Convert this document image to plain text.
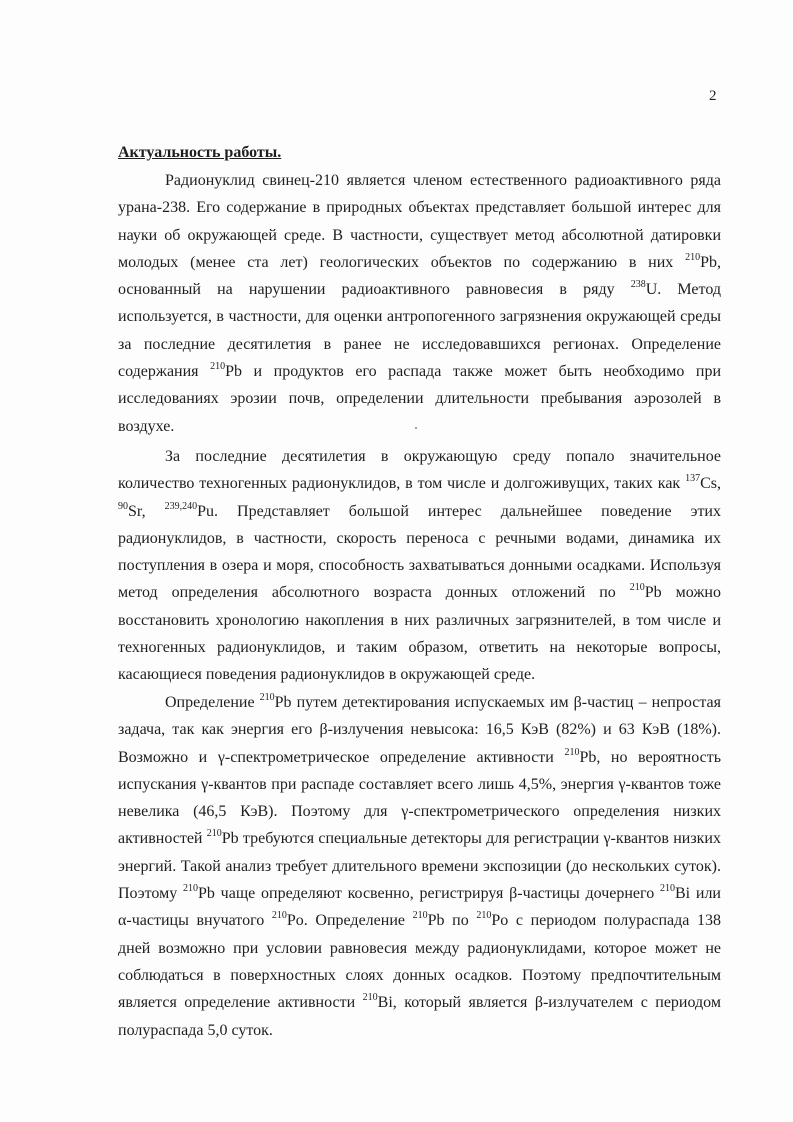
2
Актуальность работы.

Радионуклид свинец-210 является членом естественного радиоактивного ряда урана-238. Его содержание в природных объектах представляет большой интерес для науки об окружающей среде. В частности, существует метод абсолютной датировки молодых (менее ста лет) геологических объектов по содержанию в них $^{210}$Pb, основанный на нарушении радиоактивного равновесия в ряду $^{238}$U. Метод используется, в частности, для оценки антропогенного загрязнения окружающей среды за последние десятилетия в ранее не исследовавшихся регионах. Определение содержания $^{210}$Pb и продуктов его распада также может быть необходимо при исследованиях эрозии почв, определении длительности пребывания аэрозолей в воздухе.

За последние десятилетия в окружающую среду попало значительное количество техногенных радионуклидов, в том числе и долгоживущих, таких как $^{137}$Cs, $^{90}$Sr, $^{239,240}$Pu. Представляет большой интерес дальнейшее поведение этих радионуклидов, в частности, скорость переноса с речными водами, динамика их поступления в озера и моря, способность захватываться донными осадками. Используя метод определения абсолютного возраста донных отложений по $^{210}$Pb можно восстановить хронологию накопления в них различных загрязнителей, в том числе и техногенных радионуклидов, и таким образом, ответить на некоторые вопросы, касающиеся поведения радионуклидов в окружающей среде.

Определение $^{210}$Pb путем детектирования испускаемых им β-частиц – непростая задача, так как энергия его β-излучения невысока: 16,5 КэВ (82%) и 63 КэВ (18%). Возможно и γ-спектрометрическое определение активности $^{210}$Pb, но вероятность испускания γ-квантов при распаде составляет всего лишь 4,5%, энергия γ-квантов тоже невелика (46,5 КэВ). Поэтому для γ-спектрометрического определения низких активностей $^{210}$Pb требуются специальные детекторы для регистрации γ-квантов низких энергий. Такой анализ требует длительного времени экспозиции (до нескольких суток). Поэтому $^{210}$Pb чаще определяют косвенно, регистрируя β-частицы дочернего $^{210}$Bi или α-частицы внучатого $^{210}$Po. Определение $^{210}$Pb по $^{210}$Po с периодом полураспада 138 дней возможно при условии равновесия между радионуклидами, которое может не соблюдаться в поверхностных слоях донных осадков. Поэтому предпочтительным является определение активности $^{210}$Bi, который является β-излучателем с периодом полураспада 5,0 суток.
